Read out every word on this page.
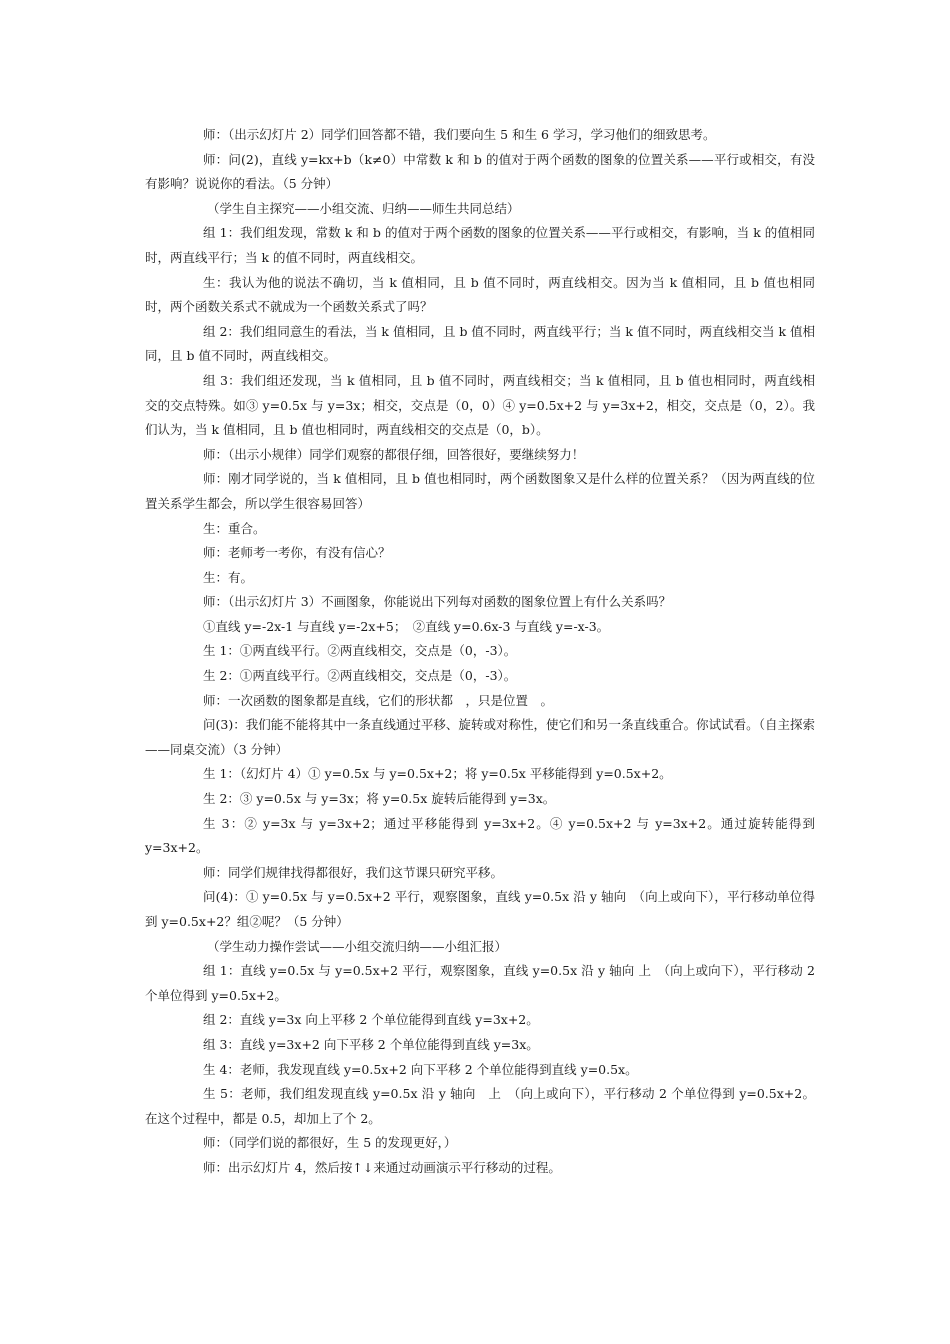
师：（出示幻灯片 2）同学们回答都不错，我们要向生 5 和生 6 学习，学习他们的细致思考。

师：问(2)，直线 y=kx+b（k≠0）中常数 k 和 b 的值对于两个函数的图象的位置关系——平行或相交，有没有影响？说说你的看法。（5 分钟）

（学生自主探究——小组交流、归纳——师生共同总结）

组 1：我们组发现，常数 k 和 b 的值对于两个函数的图象的位置关系——平行或相交，有影响，当 k 的值相同时，两直线平行；当 k 的值不同时，两直线相交。

生：我认为他的说法不确切，当 k 值相同，且 b 值不同时，两直线相交。因为当 k 值相同，且 b 值也相同时，两个函数关系式不就成为一个函数关系式了吗？

组 2：我们组同意生的看法，当 k 值相同，且 b 值不同时，两直线平行；当 k 值不同时，两直线相交当 k 值相同，且 b 值不同时，两直线相交。

组 3：我们组还发现，当 k 值相同，且 b 值不同时，两直线相交；当 k 值相同，且 b 值也相同时，两直线相交的交点特殊。如③ y=0.5x 与 y=3x；相交，交点是（0，0）④ y=0.5x+2 与 y=3x+2，相交，交点是（0，2）。我们认为，当 k 值相同，且 b 值也相同时，两直线相交的交点是（0，b）。

师：（出示小规律）同学们观察的都很仔细，回答很好，要继续努力！

师：刚才同学说的，当 k 值相同，且 b 值也相同时，两个函数图象又是什么样的位置关系？（因为两直线的位置关系学生都会，所以学生很容易回答）

生：重合。

师：老师考一考你，有没有信心？

生：有。

师：（出示幻灯片 3）不画图象，你能说出下列每对函数的图象位置上有什么关系吗？

①直线 y=-2x-1 与直线 y=-2x+5；　②直线 y=0.6x-3 与直线 y=-x-3。

生 1：①两直线平行。②两直线相交，交点是（0，-3）。

生 2：①两直线平行。②两直线相交，交点是（0，-3）。

师：一次函数的图象都是直线，它们的形状都　，只是位置　。

问(3)：我们能不能将其中一条直线通过平移、旋转或对称性，使它们和另一条直线重合。你试试看。（自主探索——同桌交流）（3 分钟）

生 1：（幻灯片 4）① y=0.5x 与 y=0.5x+2；将 y=0.5x 平移能得到 y=0.5x+2。

生 2：③ y=0.5x 与 y=3x；将 y=0.5x 旋转后能得到 y=3x。

生 3：② y=3x 与 y=3x+2；通过平移能得到 y=3x+2。④ y=0.5x+2 与 y=3x+2。通过旋转能得到 y=3x+2。

师：同学们规律找得都很好，我们这节课只研究平移。

问(4)：① y=0.5x 与 y=0.5x+2 平行，观察图象，直线 y=0.5x 沿 y 轴向　（向上或向下），平行移动单位得到 y=0.5x+2？组②呢？（5 分钟）

（学生动力操作尝试——小组交流归纳——小组汇报）

组 1：直线 y=0.5x 与 y=0.5x+2 平行，观察图象，直线 y=0.5x 沿 y 轴向 上　（向上或向下），平行移动 2 个单位得到 y=0.5x+2。

组 2：直线 y=3x 向上平移 2 个单位能得到直线 y=3x+2。

组 3：直线 y=3x+2 向下平移 2 个单位能得到直线 y=3x。

生 4：老师，我发现直线 y=0.5x+2 向下平移 2 个单位能得到直线 y=0.5x。

生 5：老师，我们组发现直线 y=0.5x 沿 y 轴向　上　（向上或向下），平行移动 2 个单位得到 y=0.5x+2。在这个过程中，都是 0.5，却加上了个 2。

师：（同学们说的都很好，生 5 的发现更好，）

师：出示幻灯片 4，然后按↑↓来通过动画演示平行移动的过程。
